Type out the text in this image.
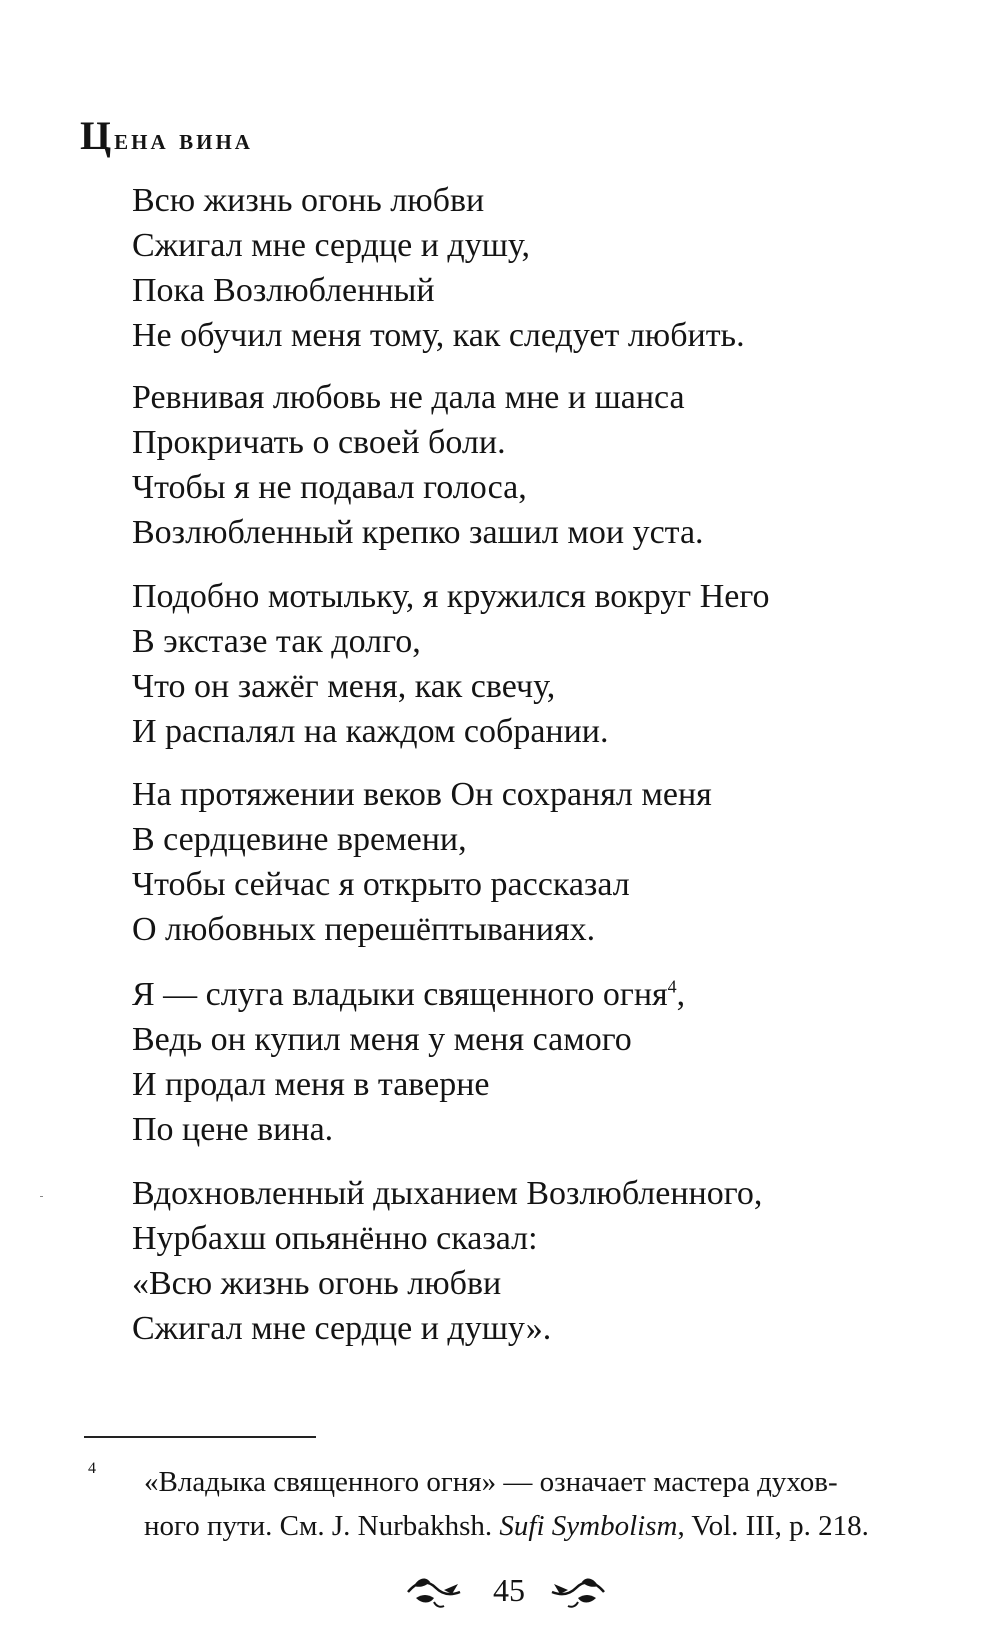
Цена вина
Всю жизнь огонь любви
Сжигал мне сердце и душу,
Пока Возлюбленный
Не обучил меня тому, как следует любить.
Ревнивая любовь не дала мне и шанса
Прокричать о своей боли.
Чтобы я не подавал голоса,
Возлюбленный крепко зашил мои уста.
Подобно мотыльку, я кружился вокруг Него
В экстазе так долго,
Что он зажёг меня, как свечу,
И распалял на каждом собрании.
На протяжении веков Он сохранял меня
В сердцевине времени,
Чтобы сейчас я открыто рассказал
О любовных перешёптываниях.
Я — слуга владыки священного огня$^4$,
Ведь он купил меня у меня самого
И продал меня в таверне
По цене вина.
Вдохновленный дыханием Возлюбленного,
Нурбахш опьянённо сказал:
«Всю жизнь огонь любви
Сжигал мне сердце и душу».
4 «Владыка священного огня» — означает мастера духов-
ного пути. См. J. Nurbakhsh. Sufi Symbolism, Vol. III, p. 218.
45
